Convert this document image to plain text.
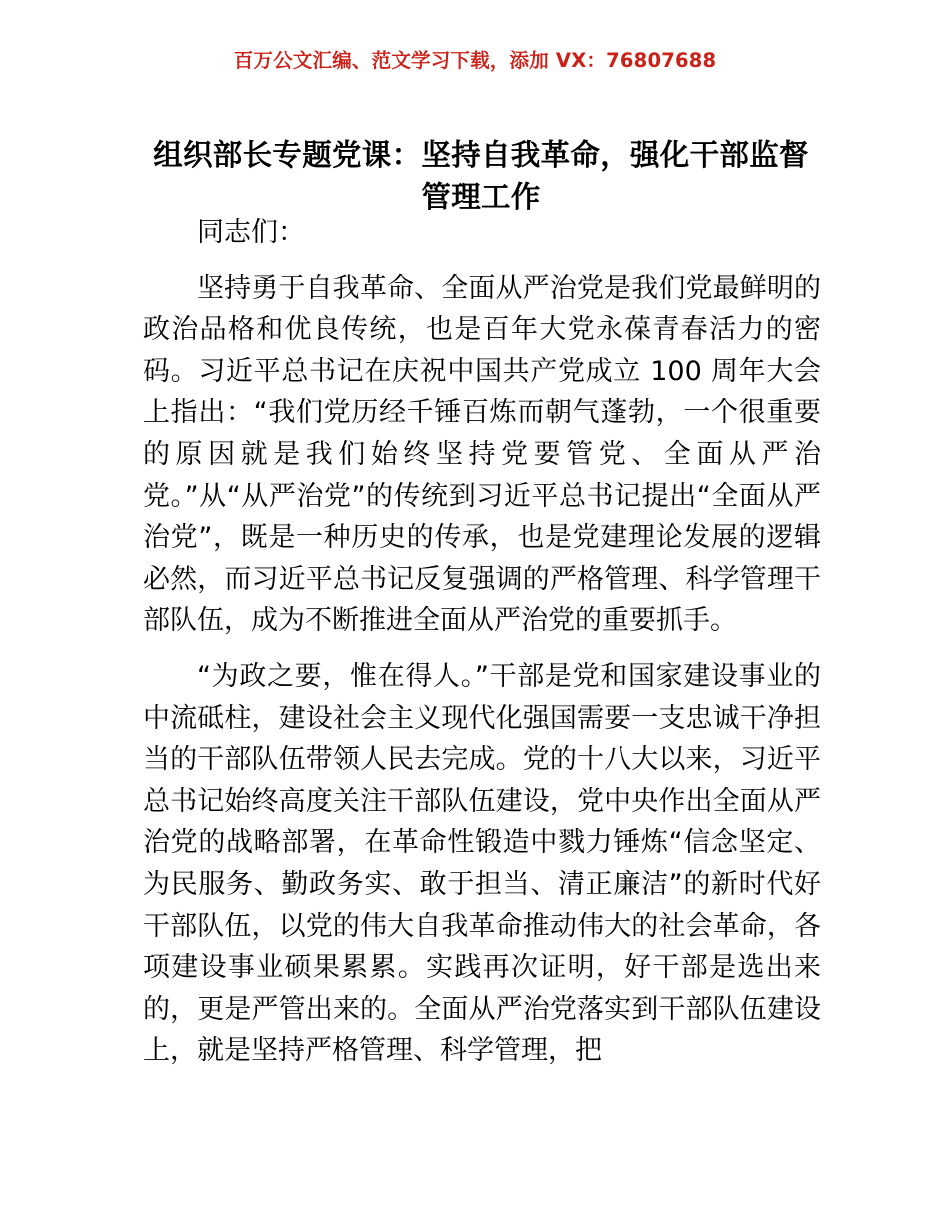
百万公文汇编、范文学习下载，添加 VX：76807688
组织部长专题党课：坚持自我革命，强化干部监督管理工作

同志们：

坚持勇于自我革命、全面从严治党是我们党最鲜明的政治品格和优良传统，也是百年大党永葆青春活力的密码。习近平总书记在庆祝中国共产党成立 100 周年大会上指出：“我们党历经千锤百炼而朝气蓬勃，一个很重要的原因就是我们始终坚持党要管党、全面从严治党。”从“从严治党”的传统到习近平总书记提出“全面从严治党”，既是一种历史的传承，也是党建理论发展的逻辑必然，而习近平总书记反复强调的严格管理、科学管理干部队伍，成为不断推进全面从严治党的重要抓手。

“为政之要，惟在得人。”干部是党和国家建设事业的中流砥柱，建设社会主义现代化强国需要一支忠诚干净担当的干部队伍带领人民去完成。党的十八大以来，习近平总书记始终高度关注干部队伍建设，党中央作出全面从严治党的战略部署，在革命性锻造中戮力锤炼“信念坚定、为民服务、勤政务实、敢于担当、清正廉洁”的新时代好干部队伍，以党的伟大自我革命推动伟大的社会革命，各项建设事业硕果累累。实践再次证明，好干部是选出来的，更是严管出来的。全面从严治党落实到干部队伍建设上，就是坚持严格管理、科学管理，把
